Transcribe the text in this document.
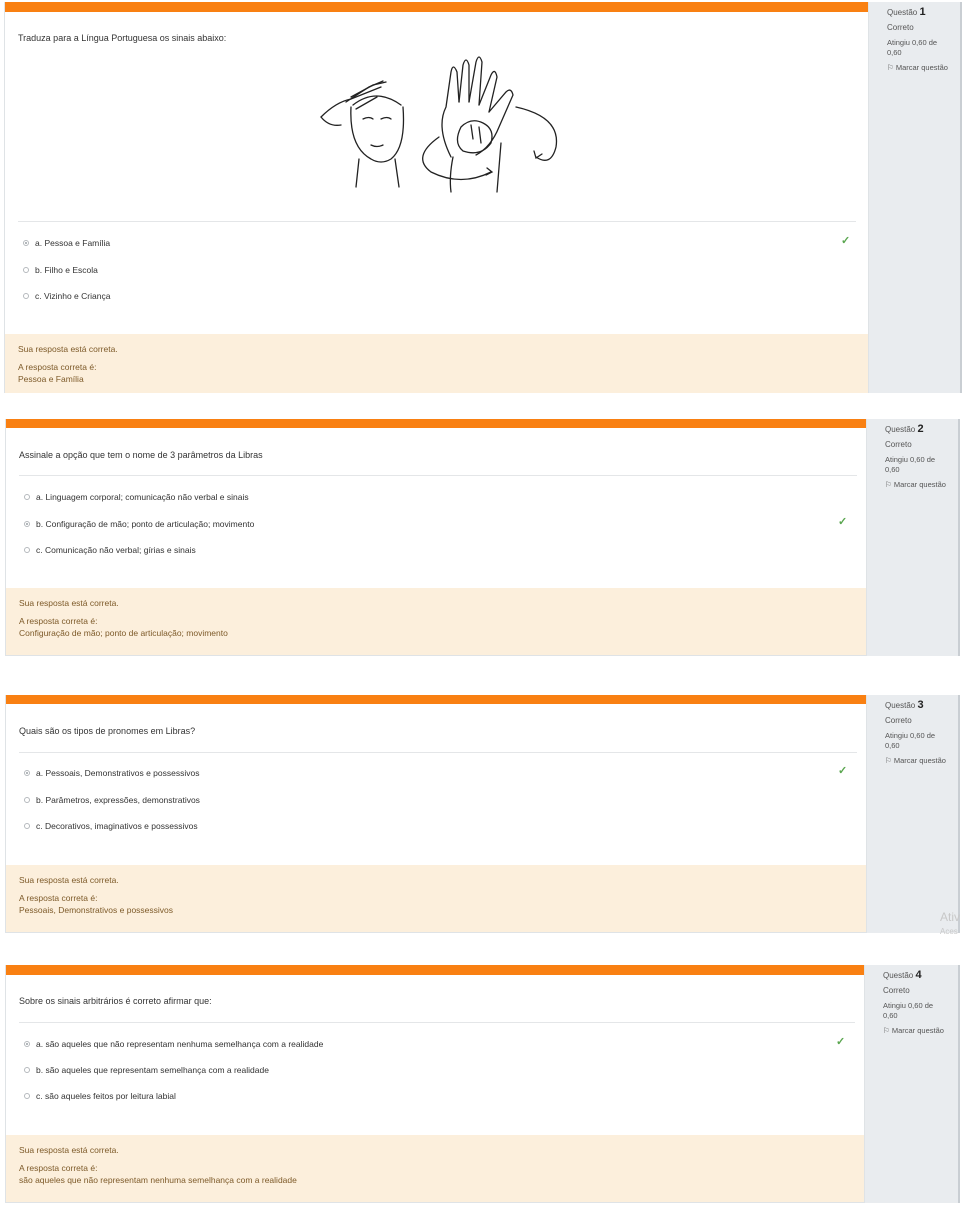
Traduza para a Língua Portuguesa os sinais abaixo:
a. Pessoa e Família	✓
b. Filho e Escola
c. Vizinho e Criança
Sua resposta está correta.
A resposta correta é:
Pessoa e Família
Questão 1
Correto
Atingiu 0,60 de
0,60
⚐ Marcar questão
Assinale a opção que tem o nome de 3 parâmetros da Libras
a. Linguagem corporal; comunicação não verbal e sinais
b. Configuração de mão; ponto de articulação; movimento	✓
c. Comunicação não verbal; gírias e sinais
Sua resposta está correta.
A resposta correta é:
Configuração de mão; ponto de articulação; movimento
Questão 2
Correto
Atingiu 0,60 de
0,60
⚐ Marcar questão
Quais são os tipos de pronomes em Libras?
a. Pessoais, Demonstrativos e possessivos	✓
b. Parâmetros, expressões, demonstrativos
c. Decorativos, imaginativos e possessivos
Sua resposta está correta.
A resposta correta é:
Pessoais, Demonstrativos e possessivos
Questão 3
Correto
Atingiu 0,60 de
0,60
⚐ Marcar questão
Ativ
Aces
Sobre os sinais arbitrários é correto afirmar que:
a. são aqueles que não representam nenhuma semelhança com a realidade	✓
b. são aqueles que representam semelhança com a realidade
c. são aqueles feitos por leitura labial
Sua resposta está correta.
A resposta correta é:
são aqueles que não representam nenhuma semelhança com a realidade
Questão 4
Correto
Atingiu 0,60 de
0,60
⚐ Marcar questão
